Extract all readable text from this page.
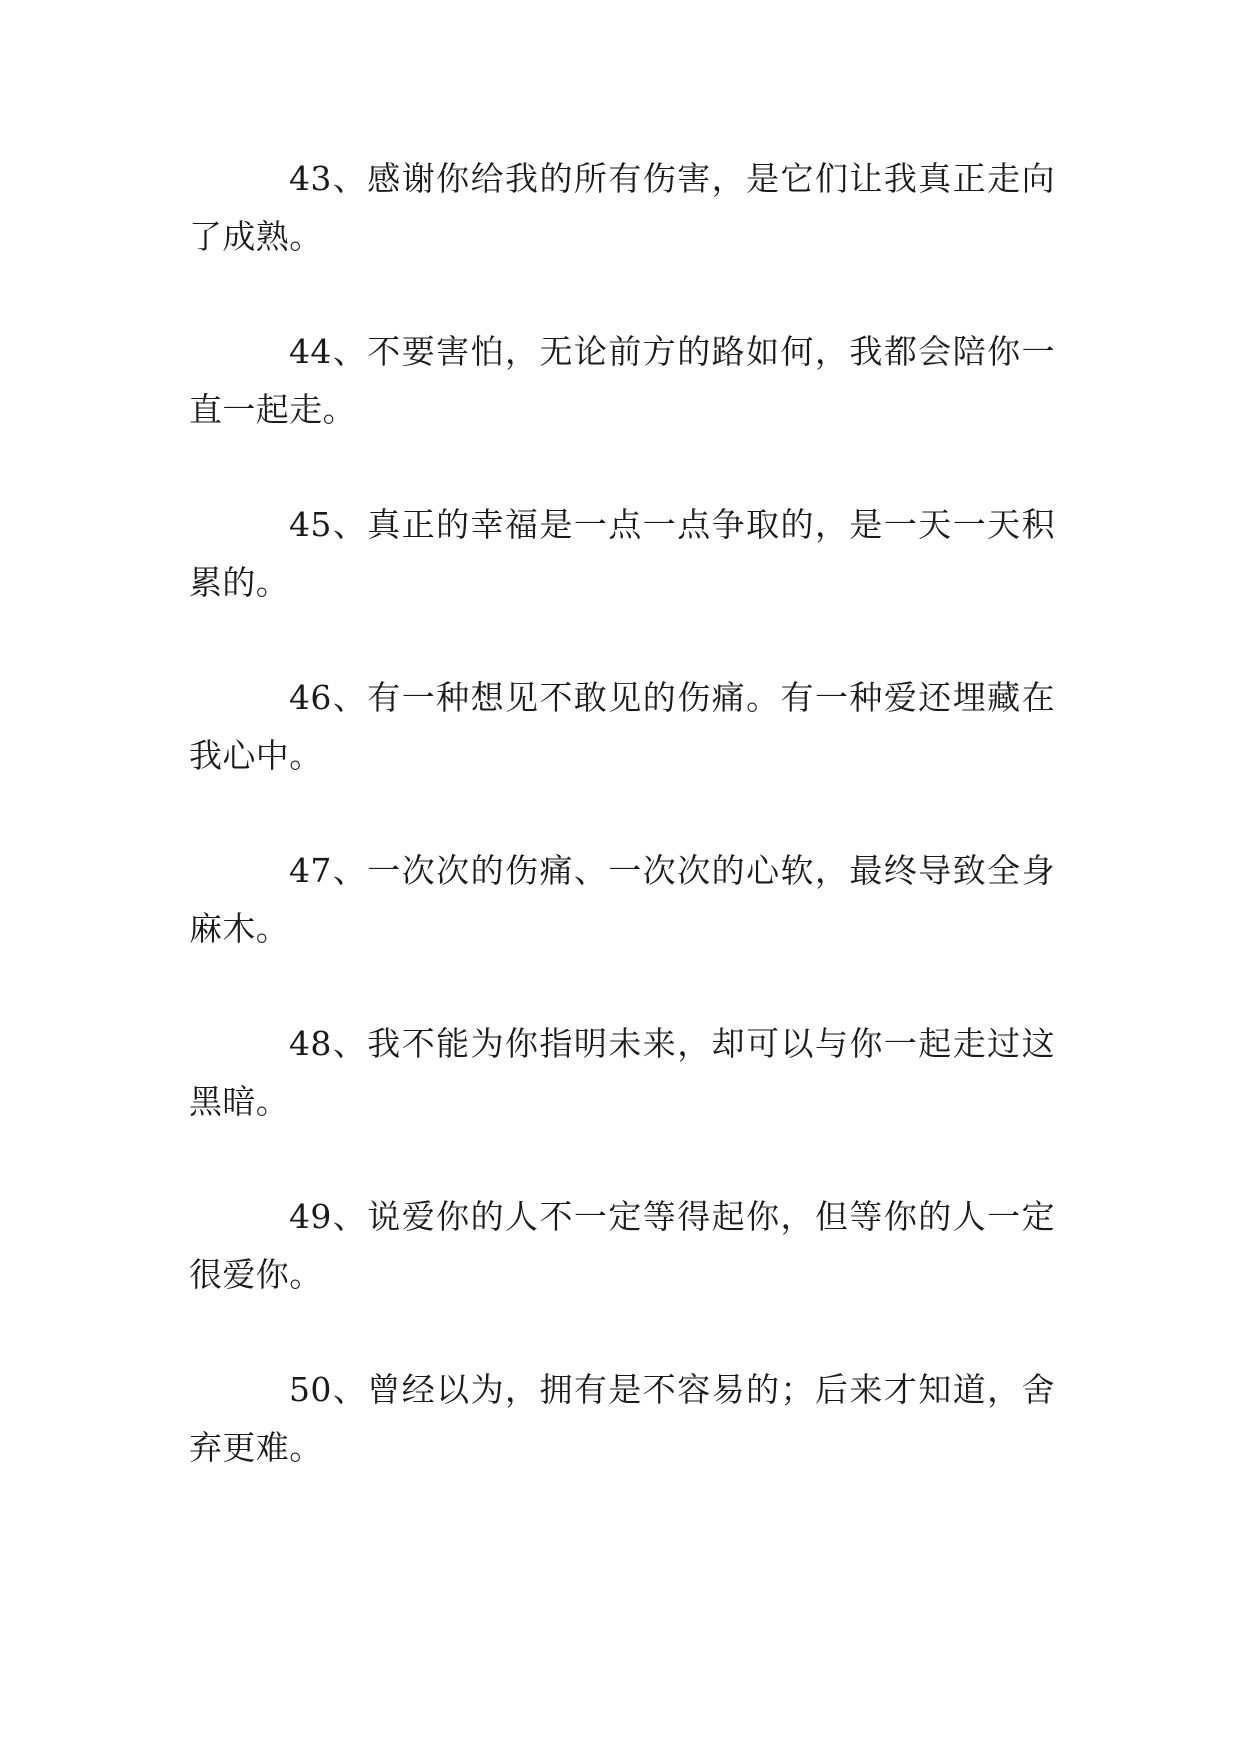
43、感谢你给我的所有伤害，是它们让我真正走向了成熟。

44、不要害怕，无论前方的路如何，我都会陪你一直一起走。

45、真正的幸福是一点一点争取的，是一天一天积累的。

46、有一种想见不敢见的伤痛。有一种爱还埋藏在我心中。

47、一次次的伤痛、一次次的心软，最终导致全身麻木。

48、我不能为你指明未来，却可以与你一起走过这黑暗。

49、说爱你的人不一定等得起你，但等你的人一定很爱你。

50、曾经以为，拥有是不容易的；后来才知道，舍弃更难。
